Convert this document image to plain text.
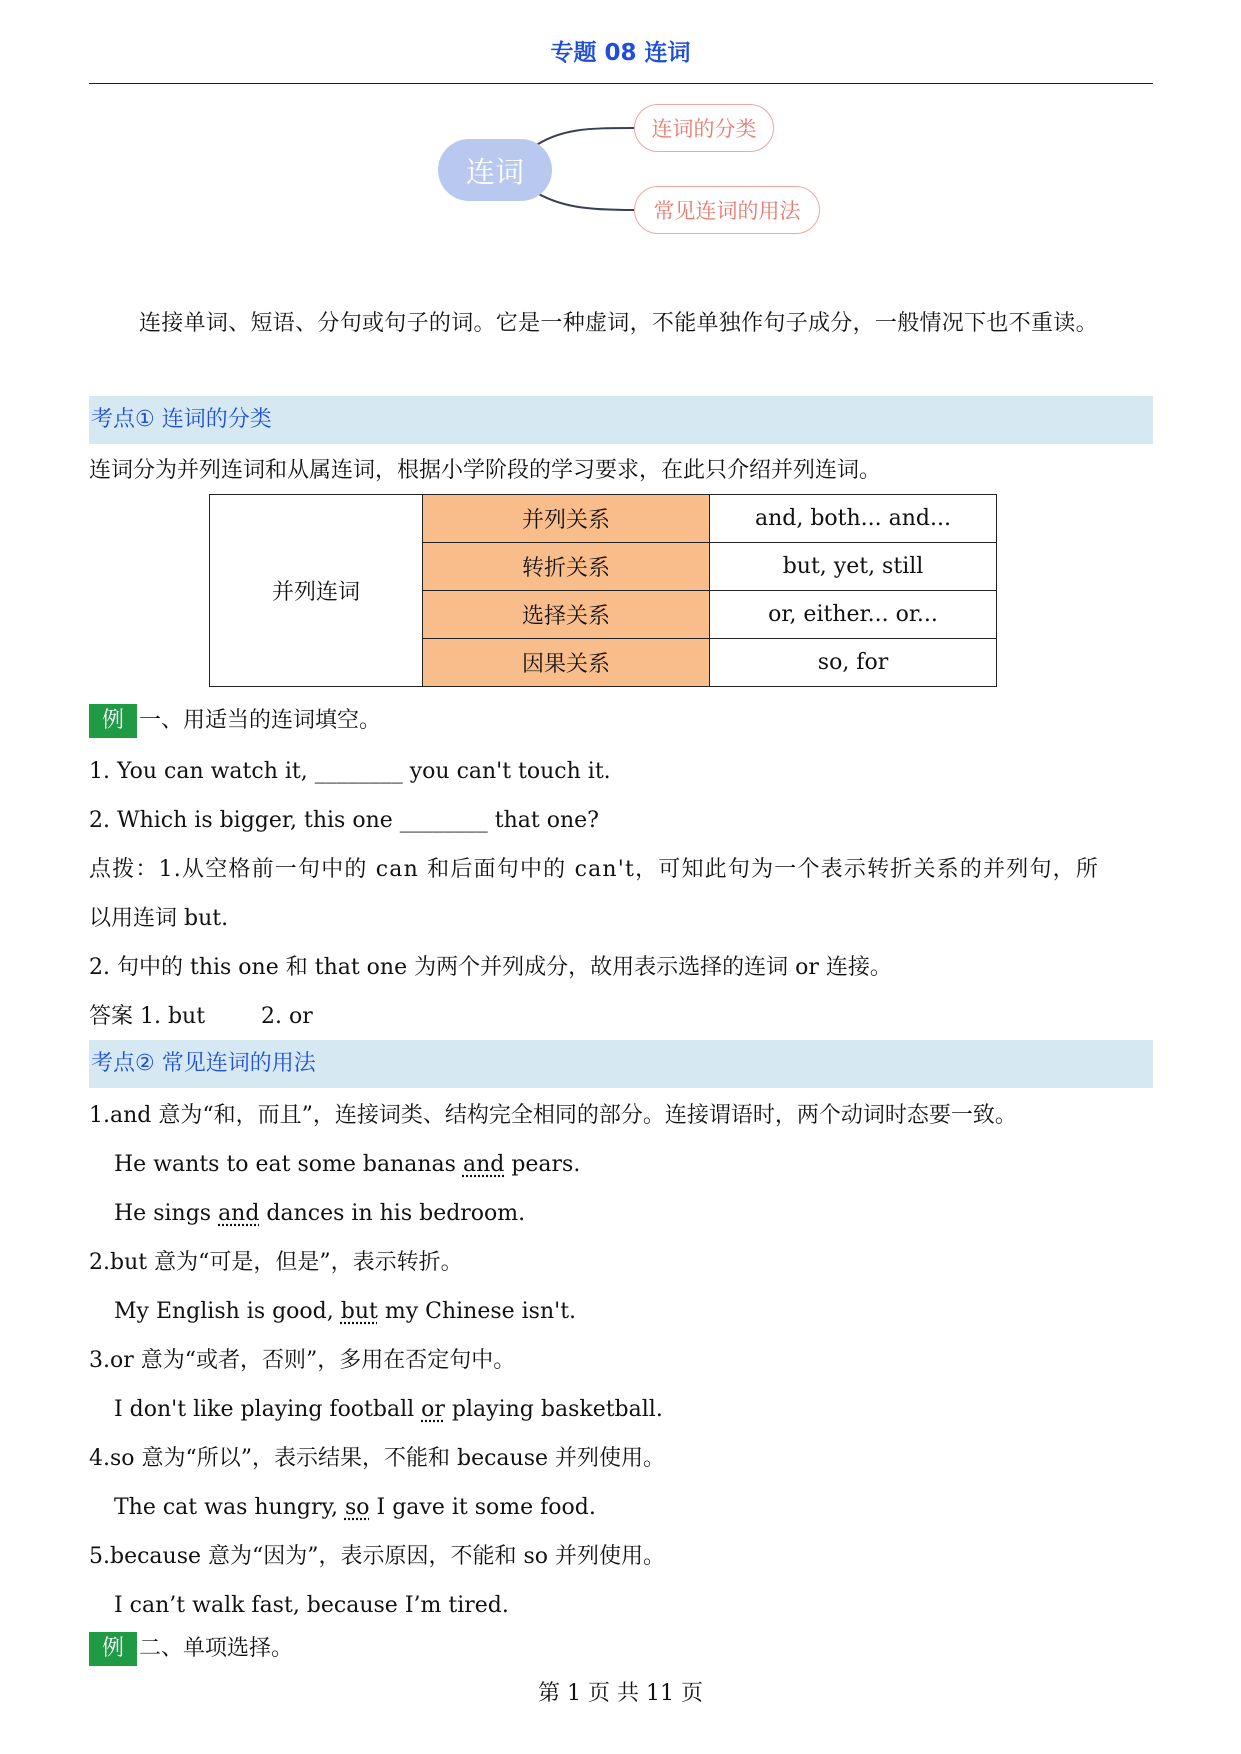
专题 08 连词
连词
连词的分类
常见连词的用法
连接单词、短语、分句或句子的词。它是一种虚词，不能单独作句子成分，一般情况下也不重读。
考点① 连词的分类
连词分为并列连词和从属连词，根据小学阶段的学习要求，在此只介绍并列连词。
并列连词	并列关系	and, both... and...
	转折关系	but, yet, still
	选择关系	or, either... or...
	因果关系	so, for
例 一、用适当的连词填空。
1. You can watch it, ________ you can't touch it.
2. Which is bigger, this one ________ that one?
点拨：1.从空格前一句中的 can 和后面句中的 can't，可知此句为一个表示转折关系的并列句，所
以用连词 but.
2. 句中的 this one 和 that one 为两个并列成分，故用表示选择的连词 or 连接。
答案 1. but        2. or
考点② 常见连词的用法
1.and 意为“和，而且”，连接词类、结构完全相同的部分。连接谓语时，两个动词时态要一致。
He wants to eat some bananas and pears.
He sings and dances in his bedroom.
2.but 意为“可是，但是”，表示转折。
My English is good, but my Chinese isn't.
3.or 意为“或者，否则”，多用在否定句中。
I don't like playing football or playing basketball.
4.so 意为“所以”，表示结果，不能和 because 并列使用。
The cat was hungry, so I gave it some food.
5.because 意为“因为”，表示原因，不能和 so 并列使用。
I can’t walk fast, because I’m tired.
例 二、单项选择。
第 1 页 共 11 页
